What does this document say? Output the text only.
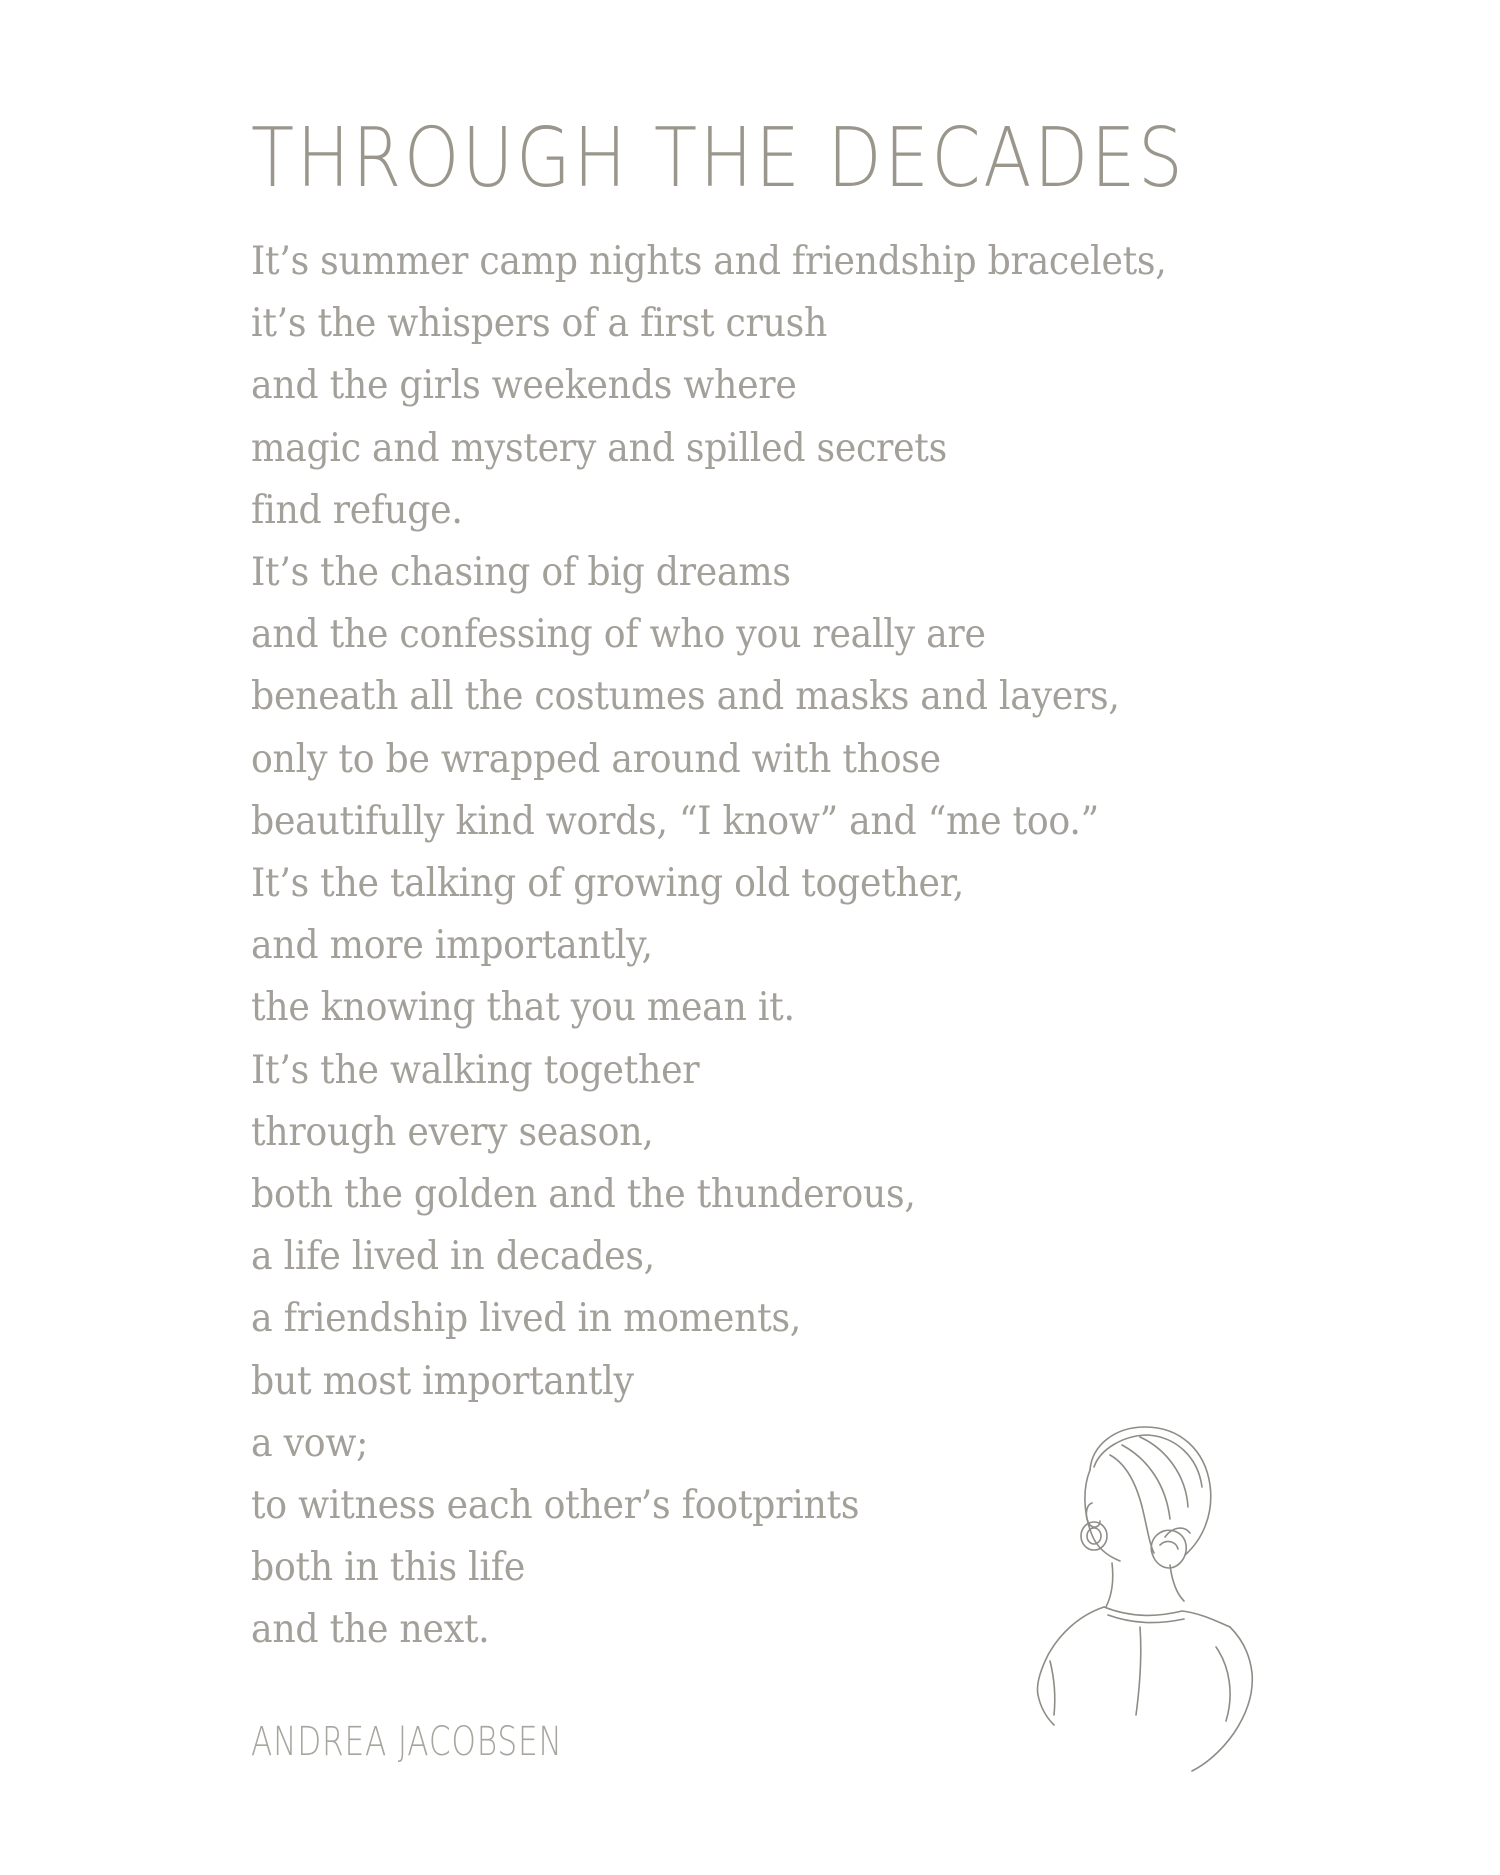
THROUGH THE DECADES
It’s summer camp nights and friendship bracelets,
it’s the whispers of a first crush
and the girls weekends where
magic and mystery and spilled secrets
find refuge.
It’s the chasing of big dreams
and the confessing of who you really are
beneath all the costumes and masks and layers,
only to be wrapped around with those
beautifully kind words, “I know” and “me too.”
It’s the talking of growing old together,
and more importantly,
the knowing that you mean it.
It’s the walking together
through every season,
both the golden and the thunderous,
a life lived in decades,
a friendship lived in moments,
but most importantly
a vow;
to witness each other’s footprints
both in this life
and the next.
ANDREA JACOBSEN
